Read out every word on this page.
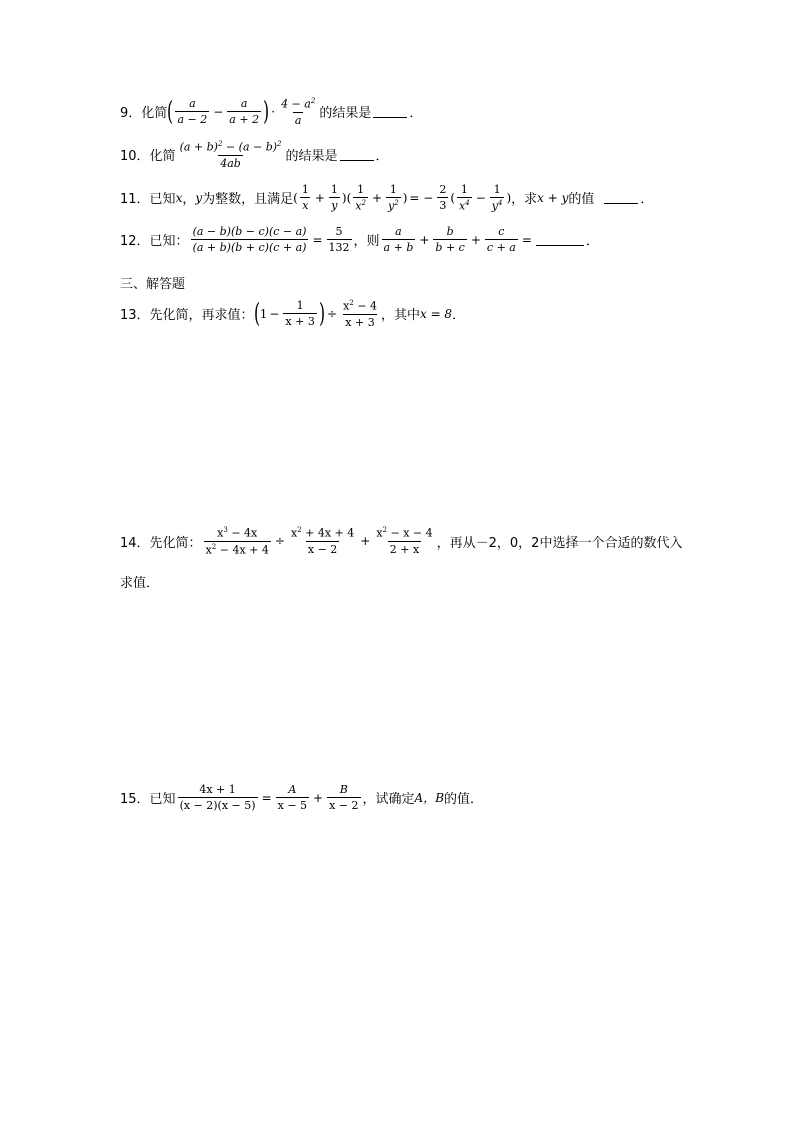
9． 化简 ( $\frac{a}{a - 2} - \frac{a}{a + 2}$ ) · $\frac{4 - a^2}{a}$ 的结果是	．
10． 化简 $\frac{(a + b)^2 - (a - b)^2}{4ab}$ 的结果是	．
11． 已知 x ， y 为整数，且满足 ( $\frac{1}{x} + \frac{1}{y}$ )( $\frac{1}{x^2} + \frac{1}{y^2}$ ) = − $\frac{2}{3}$ ( $\frac{1}{x^4} - \frac{1}{y^4}$ ) ，求 x + y 的值	．
12． 已知： $\frac{(a - b)(b - c)(c - a)}{(a + b)(b + c)(c + a)} = \frac{5}{132}$ ，则 $\frac{a}{a + b} + \frac{b}{b + c} + \frac{c}{c + a}$ =	．
三、解答题
13． 先化简，再求值： ( $1 - \frac{1}{x + 3}$ ) ÷ $\frac{x^2 - 4}{x + 3}$ ，其中 x = 8 ．
14． 先化简： $\frac{x^3 - 4x}{x^2 - 4x + 4} \div \frac{x^2 + 4x + 4}{x - 2} + \frac{x^2 - x - 4}{2 + x}$ ，再从 －2，0，2 中选择一个合适的数代入
求值．
15． 已知 $\frac{4x + 1}{(x - 2)(x - 5)} = \frac{A}{x - 5} + \frac{B}{x - 2}$ ，试确定 A，B 的值．
